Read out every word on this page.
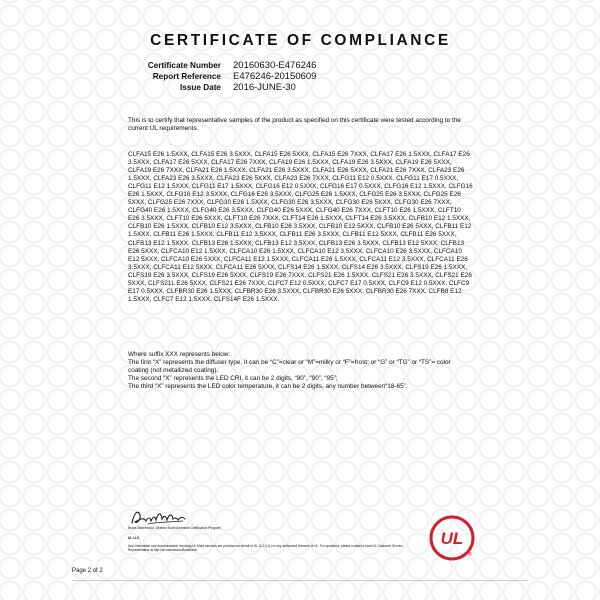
CERTIFICATE OF COMPLIANCE
Certificate Number	20160630-E476246
Report Reference	E476246-20150609
Issue Date	2016-JUNE-30
This is to certify that representative samples of the product as specified on this certificate were tested according to the current UL requirements.
CLFA15 E26 1.5XXX, CLFA15 E26 3.5XXX, CLFA15 E26 5XXX, CLFA15 E26 7XXX, CLFA17 E26 1.5XXX, CLFA17 E26 3.5XXX, CLFA17 E26 5XXX, CLFA17 E26 7XXX, CLFA19 E26 1.5XXX, CLFA19 E26 3.5XXX, CLFA19 E26 5XXX, CLFA19 E26 7XXX, CLFA21 E26 1.5XXX, CLFA21 E26 3.5XXX, CLFA21 E26 5XXX, CLFA21 E26 7XXX, CLFA23 E26 1.5XXX, CLFA23 E26 3.5XXX, CLFA23 E26 5XXX, CLFA23 E26 7XXX, CLFG11 E12 0.5XXX, CLFG11 E17 0.5XXX, CLFG11 E12 1.5XXX, CLFG11 E17 1.5XXX, CLFG16 E12 0.5XXX, CLFG16 E17 0.5XXX, CLFG16 E12 1.5XXX, CLFG16 E26 1.5XXX, CLFG16 E12 3.5XXX, CLFG16 E26 3.5XXX, CLFG25 E26 1.5XXX, CLFG25 E26 3.5XXX, CLFG25 E26 5XXX, CLFG25 E26 7XXX, CLFG30 E26 1.5XXX, CLFG30 E26 3.5XXX, CLFG30 E26 5XXX, CLFG30 E26 7XXX, CLFG40 E26 1.5XXX, CLFG40 E26 3.5XXX, CLFG40 E26 5XXX, CLFG40 E26 7XXX, CLFT10 E26 1.5XXX, CLFT10 E26 3.5XXX, CLFT10 E26 5XXX, CLFT10 E26 7XXX, CLFT14 E26 1.5XXX, CLFT14 E26 3.5XXX, CLFB10 E12 1.5XXX, CLFB10 E26 1.5XXX, CLFB10 E12 3.5XXX, CLFB10 E26 3.5XXX, CLFB10 E12 5XXX, CLFB10 E26 5XXX, CLFB11 E12 1.5XXX, CLFB11 E26 1.5XXX, CLFB11 E12 3.5XXX, CLFB11 E26 3.5XXX, CLFB11 E12 5XXX, CLFB11 E26 5XXX, CLFB13 E12 1.5XXX, CLFB13 E26 1.5XXX, CLFB13 E12 3.5XXX, CLFB13 E26 3.5XXX, CLFB13 E12 5XXX, CLFB13 E26 5XXX, CLFCA10 E12 1.5XXX, CLFCA10 E26 1.5XXX, CLFCA10 E12 3.5XXX, CLFCA10 E26 3.5XXX, CLFCA10 E12 5XXX, CLFCA10 E26 5XXX, CLFCA11 E12 1.5XXX, CLFCA11 E26 1.5XXX, CLFCA11 E12 3.5XXX, CLFCA11 E26 3.5XXX, CLFCA11 E12 5XXX, CLFCA11 E26 5XXX, CLFS14 E26 1.5XXX, CLFS14 E26 3.5XXX, CLFS19 E26 1.5XXX, CLFS19 E26 3.5XXX, CLFS19 E26 5XXX, CLFS19 E26 7XXX, CLFS21 E26 1.5XXX, CLFS21 E26 3.5XXX, CLFS21 E26 5XXX, CLFS21L E26 5XXX, CLFS21 E26 7XXX, CLFC7 E12 0.5XXX, CLFC7 E17 0.5XXX, CLFC9 E12 0.5XXX, CLFC9 E17 0.5XXX, CLFBR30 E26 1.5XXX, CLFBR30 E26 3.5XXX, CLFBR30 E26 5XXX, CLFBR30 E26 7XXX, CLFB8 E12 1.5XXX, CLFC7 E12 1.5XXX, CLFS14F E26 1.5XXX.
Where suffix XXX represents below:
The first “X” represents the diffuser type, it can be “C”=clear or “M”=milky or “F”=frost; or “G” or “TG” or “TS”= color coating (not metallized coating).
The second “X” represents the LED CRI, it can be 2 digits, “80”, “90”, “95”;
The third “X” represents the LED color temperature, it can be 2 digits, any number between“18-65”.
Bruce Mahrenholz, Director North American Certification Program
UL LLC
Any information and documentation involving UL Mark services are provided on behalf of UL LLC (UL) or any authorized licensee of UL. For questions, please contact a local UL Customer Service Representative at http://ul.com/aboutul/locations/
UL
®
Page 2 of 2
